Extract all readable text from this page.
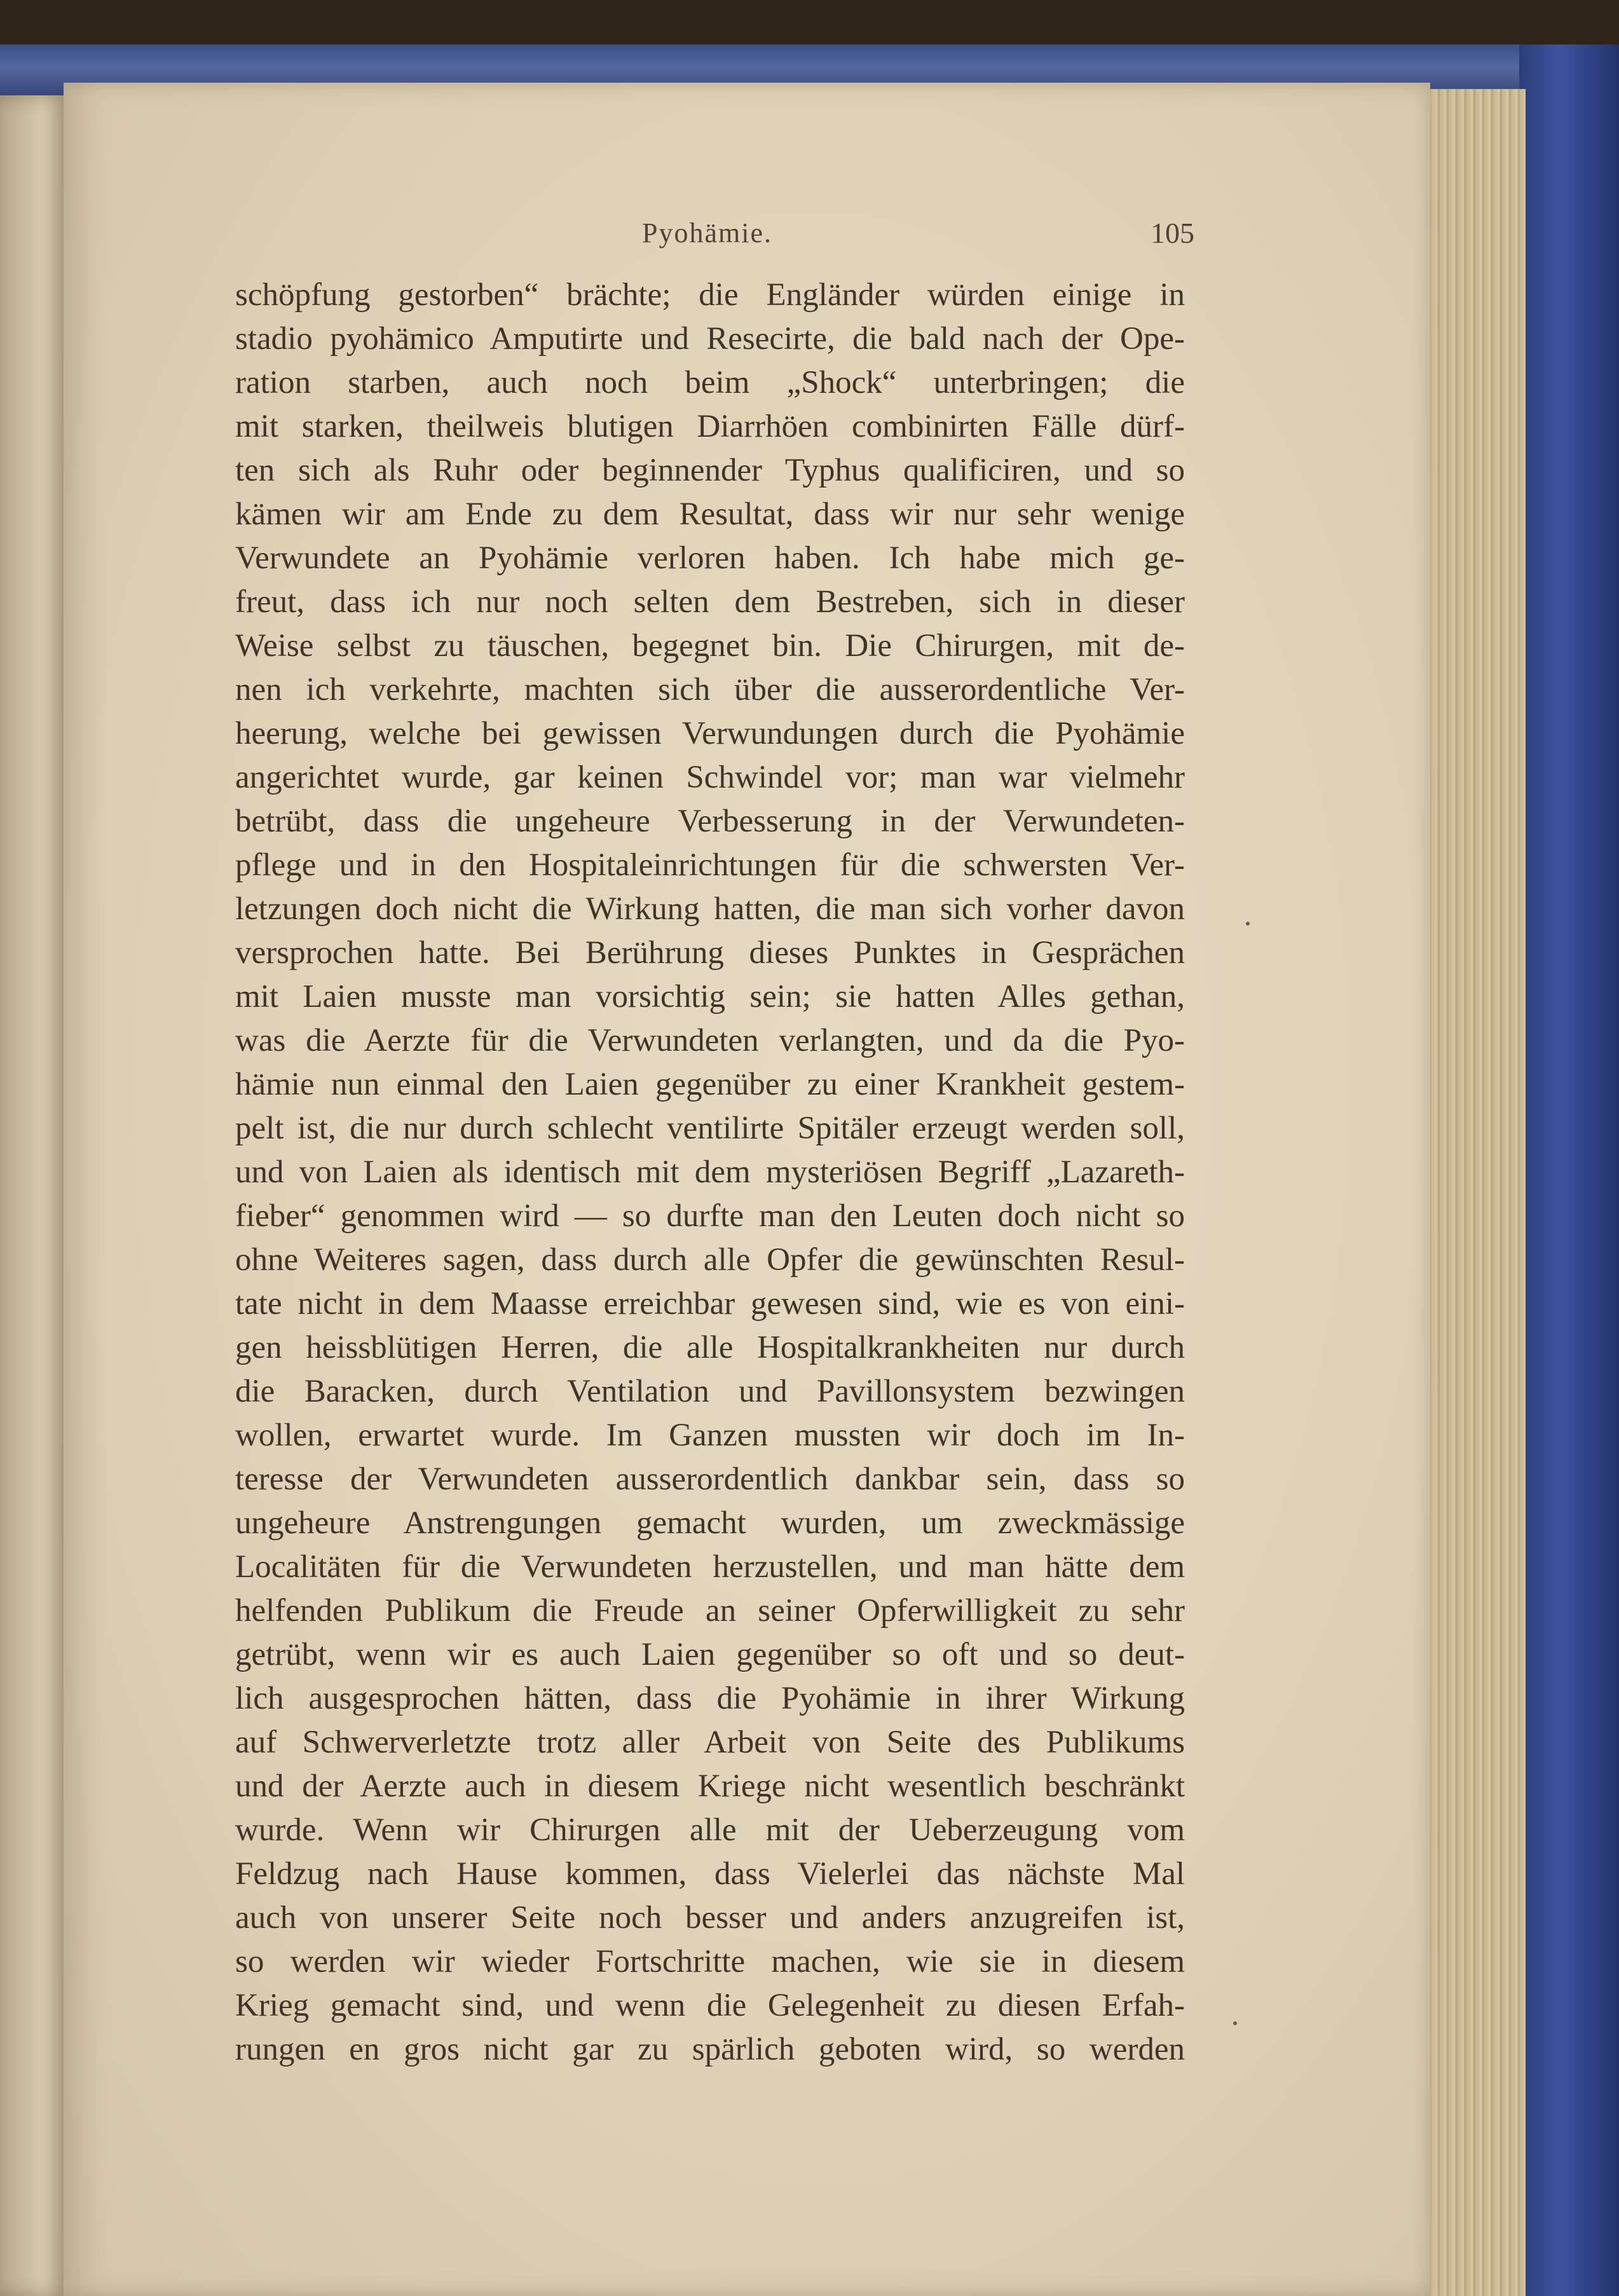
Pyohämie.	105
schöpfung gestorben“ brächte; die Engländer würden einige in
stadio pyohämico Amputirte und Resecirte, die bald nach der Ope-
ration starben, auch noch beim „Shock“ unterbringen; die
mit starken, theilweis blutigen Diarrhöen combinirten Fälle dürf-
ten sich als Ruhr oder beginnender Typhus qualificiren, und so
kämen wir am Ende zu dem Resultat, dass wir nur sehr wenige
Verwundete an Pyohämie verloren haben. Ich habe mich ge-
freut, dass ich nur noch selten dem Bestreben, sich in dieser
Weise selbst zu täuschen, begegnet bin. Die Chirurgen, mit de-
nen ich verkehrte, machten sich über die ausserordentliche Ver-
heerung, welche bei gewissen Verwundungen durch die Pyohämie
angerichtet wurde, gar keinen Schwindel vor; man war vielmehr
betrübt, dass die ungeheure Verbesserung in der Verwundeten-
pflege und in den Hospitaleinrichtungen für die schwersten Ver-
letzungen doch nicht die Wirkung hatten, die man sich vorher davon
versprochen hatte. Bei Berührung dieses Punktes in Gesprächen
mit Laien musste man vorsichtig sein; sie hatten Alles gethan,
was die Aerzte für die Verwundeten verlangten, und da die Pyo-
hämie nun einmal den Laien gegenüber zu einer Krankheit gestem-
pelt ist, die nur durch schlecht ventilirte Spitäler erzeugt werden soll,
und von Laien als identisch mit dem mysteriösen Begriff „Lazareth-
fieber“ genommen wird — so durfte man den Leuten doch nicht so
ohne Weiteres sagen, dass durch alle Opfer die gewünschten Resul-
tate nicht in dem Maasse erreichbar gewesen sind, wie es von eini-
gen heissblütigen Herren, die alle Hospitalkrankheiten nur durch
die Baracken, durch Ventilation und Pavillonsystem bezwingen
wollen, erwartet wurde. Im Ganzen mussten wir doch im In-
teresse der Verwundeten ausserordentlich dankbar sein, dass so
ungeheure Anstrengungen gemacht wurden, um zweckmässige
Localitäten für die Verwundeten herzustellen, und man hätte dem
helfenden Publikum die Freude an seiner Opferwilligkeit zu sehr
getrübt, wenn wir es auch Laien gegenüber so oft und so deut-
lich ausgesprochen hätten, dass die Pyohämie in ihrer Wirkung
auf Schwerverletzte trotz aller Arbeit von Seite des Publikums
und der Aerzte auch in diesem Kriege nicht wesentlich beschränkt
wurde. Wenn wir Chirurgen alle mit der Ueberzeugung vom
Feldzug nach Hause kommen, dass Vielerlei das nächste Mal
auch von unserer Seite noch besser und anders anzugreifen ist,
so werden wir wieder Fortschritte machen, wie sie in diesem
Krieg gemacht sind, und wenn die Gelegenheit zu diesen Erfah-
rungen en gros nicht gar zu spärlich geboten wird, so werden
